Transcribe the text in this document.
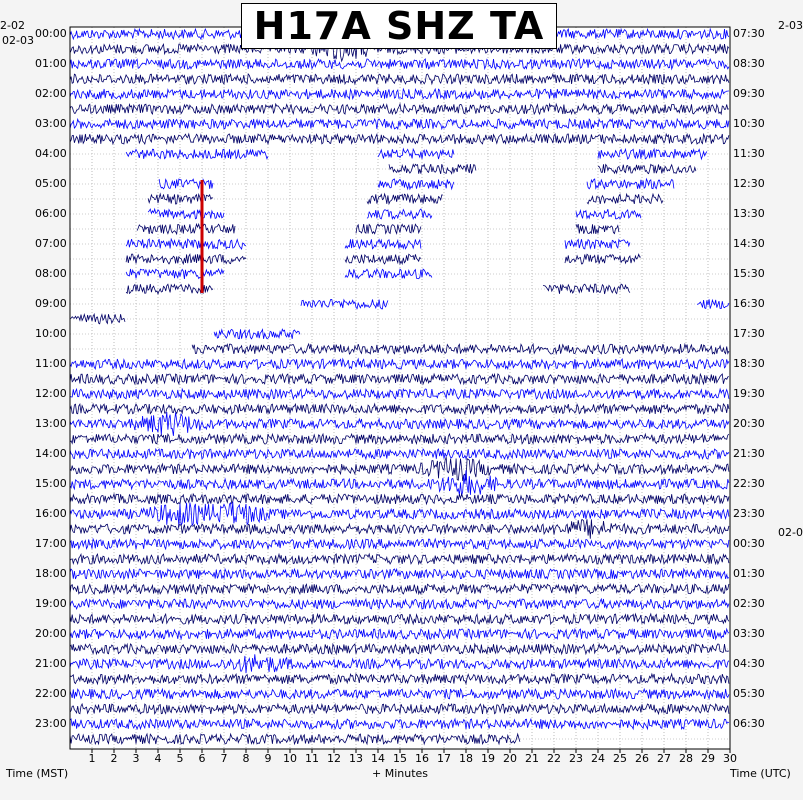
H17A SHZ TA
1 2 3 4 5 6 7 8 9 10 11 12 13 14 15 16 17 18 19 20 21 22 23 24 25 26 27 28 29 30
00:00
01:00
02:00
03:00
04:00
05:00
06:00
07:00
08:00
09:00
10:00
11:00
12:00
13:00
14:00
15:00
16:00
17:00
18:00
19:00
20:00
21:00
22:00
23:00
07:30
08:30
09:30
10:30
11:30
12:30
13:30
14:30
15:30
16:30
17:30
18:30
19:30
20:30
21:30
22:30
23:30
00:30
01:30
02:30
03:30
04:30
05:30
06:30
2-02
02-03
2-03
02-0
Time (MST)	+ Minutes	Time (UTC)
